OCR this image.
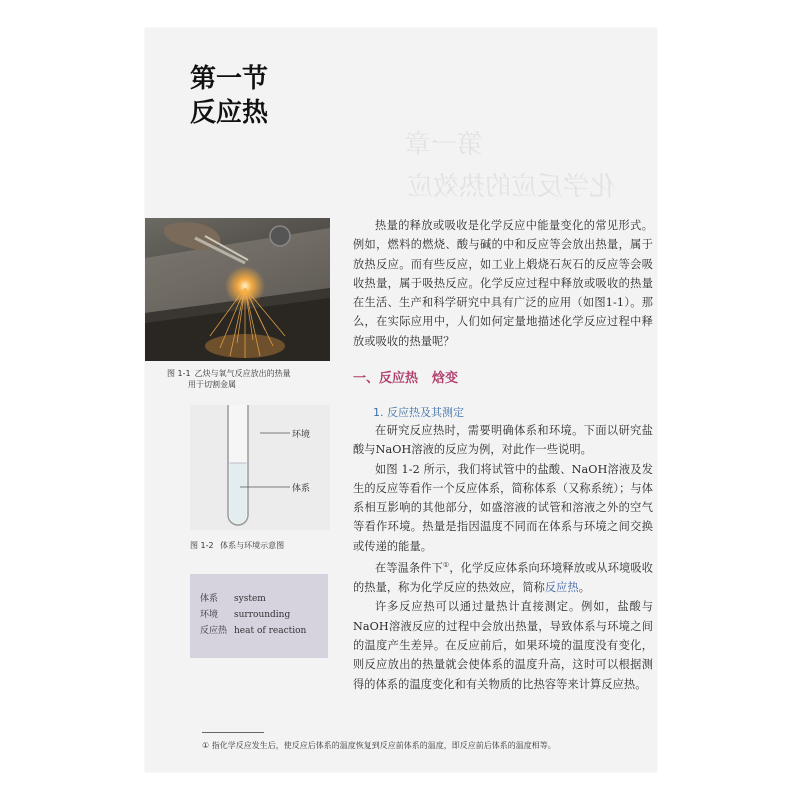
第一章
化学反应的热效应
第一节
反应热
图 1-1 乙炔与氧气反应放出的热量
用于切割金属
环境
体系
图 1-2 体系与环境示意图
体系 system
环境 surrounding
反应热 heat of reaction
热量的释放或吸收是化学反应中能量变化的常见形式。例如，燃料的燃烧、酸与碱的中和反应等会放出热量，属于放热反应。而有些反应，如工业上煅烧石灰石的反应等会吸收热量，属于吸热反应。化学反应过程中释放或吸收的热量在生活、生产和科学研究中具有广泛的应用（如图1-1）。那么，在实际应用中，人们如何定量地描述化学反应过程中释放或吸收的热量呢？
一、反应热 焓变
1. 反应热及其测定
在研究反应热时，需要明确体系和环境。下面以研究盐酸与NaOH溶液的反应为例，对此作一些说明。
如图 1-2 所示，我们将试管中的盐酸、NaOH溶液及发生的反应等看作一个反应体系，简称体系（又称系统）；与体系相互影响的其他部分，如盛溶液的试管和溶液之外的空气等看作环境。热量是指因温度不同而在体系与环境之间交换或传递的能量。
在等温条件下①，化学反应体系向环境释放或从环境吸收的热量，称为化学反应的热效应，简称反应热。
许多反应热可以通过量热计直接测定。例如，盐酸与NaOH溶液反应的过程中会放出热量，导致体系与环境之间的温度产生差异。在反应前后，如果环境的温度没有变化，则反应放出的热量就会使体系的温度升高，这时可以根据测得的体系的温度变化和有关物质的比热容等来计算反应热。
① 指化学反应发生后，使反应后体系的温度恢复到反应前体系的温度，即反应前后体系的温度相等。
